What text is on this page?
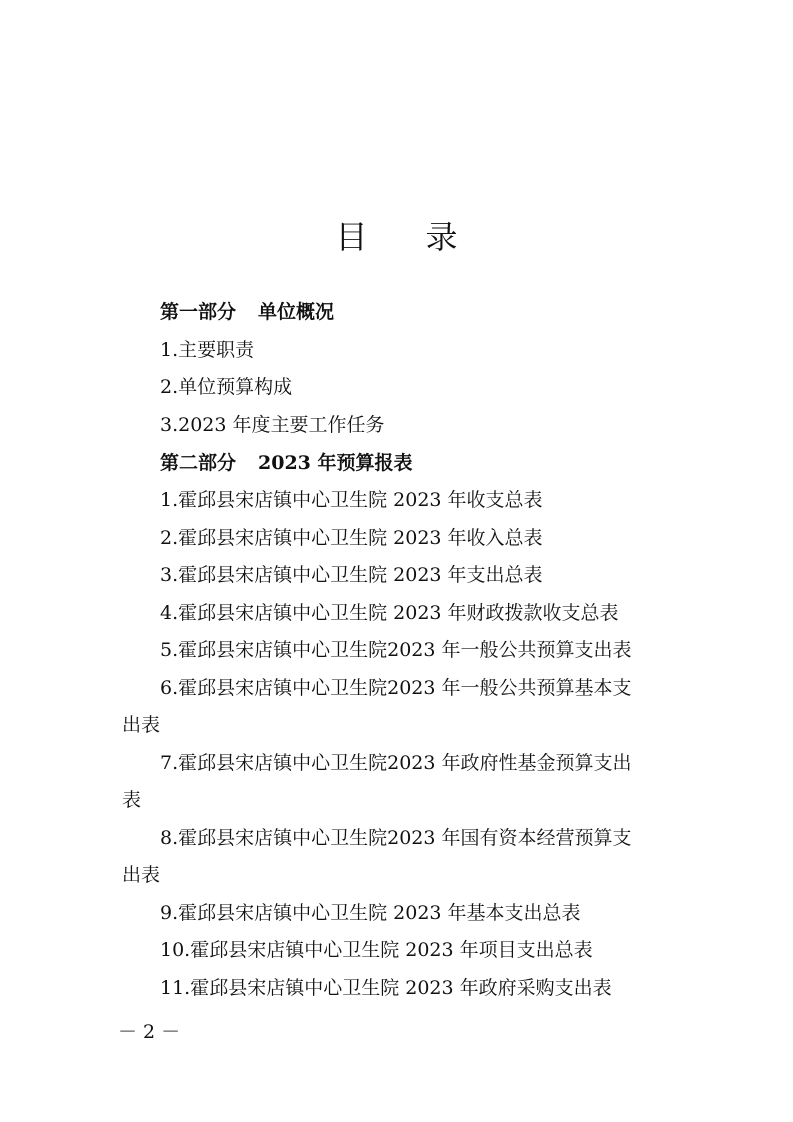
目 录
第一部分 单位概况
1.主要职责
2.单位预算构成
3.2023 年度主要工作任务
第二部分 2023 年预算报表
1.霍邱县宋店镇中心卫生院 2023 年收支总表
2.霍邱县宋店镇中心卫生院 2023 年收入总表
3.霍邱县宋店镇中心卫生院 2023 年支出总表
4.霍邱县宋店镇中心卫生院 2023 年财政拨款收支总表
5.霍邱县宋店镇中心卫生院2023 年一般公共预算支出表
6.霍邱县宋店镇中心卫生院2023 年一般公共预算基本支
出表
7.霍邱县宋店镇中心卫生院2023 年政府性基金预算支出
表
8.霍邱县宋店镇中心卫生院2023 年国有资本经营预算支
出表
9.霍邱县宋店镇中心卫生院 2023 年基本支出总表
10.霍邱县宋店镇中心卫生院 2023 年项目支出总表
11.霍邱县宋店镇中心卫生院 2023 年政府采购支出表
－ 2 －
